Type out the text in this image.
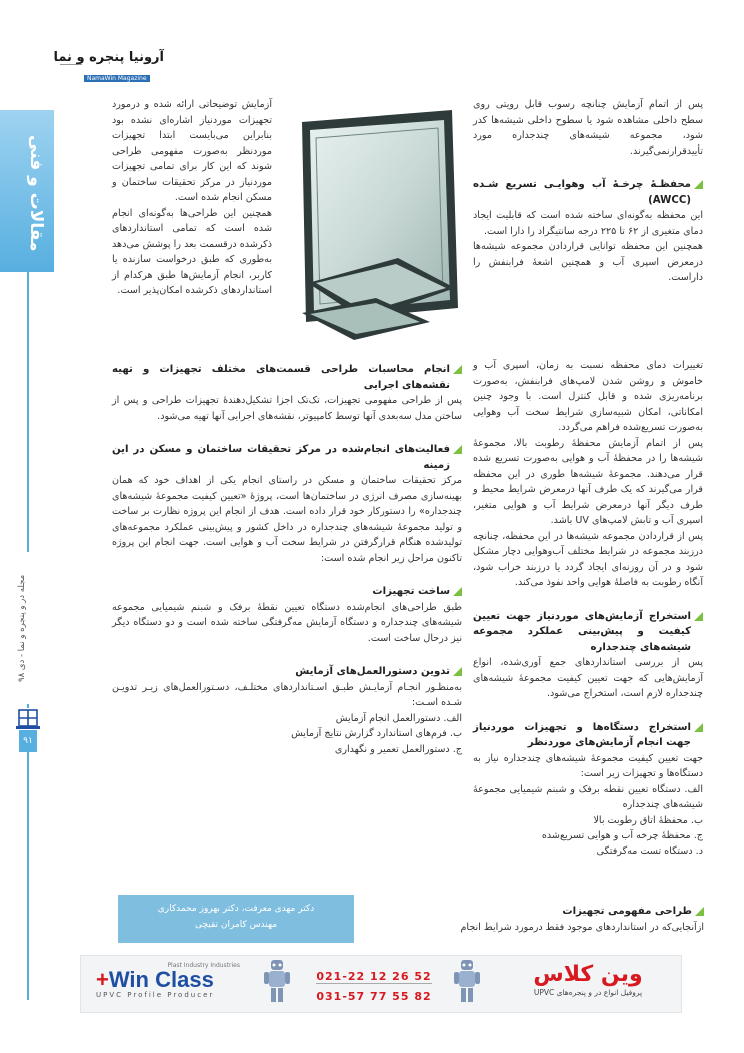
آرونیا پنجره و نما
NamaWin Magazine
مقالات و فنی
مجله در و پنجره و نما - دی ۹۸
۹۱

پس از اتمام آزمایش چنانچه رسوب قابل رویتی روی سطح داخلی مشاهده شود یا سطوح داخلی شیشه‌ها کدر شود، مجموعه شیشه‌های چندجداره مورد تأییدقرارنمی‌گیرند.

محفظـۀ چرخـۀ آب وهوایـی تسریع شـده (AWCC)

این محفظه به‌گونه‌ای ساخته شده است که قابلیت ایجاد دمای متغیری از ۶۲ تا ۲۲۵ درجه سانتیگراد را دارا است.

همچنین این محفظه توانایی قراردادن مجموعه شیشه‌ها درمعرض اسپری آب و همچنین اشعۀ فرابنفش را داراست.

تغییرات دمای محفظه نسبت به زمان، اسپری آب و خاموش و روشن شدن لامپ‌های فرابنفش، به‌صورت برنامه‌ریزی شده و قابل کنترل است. با وجود چنین امکاناتی، امکان شبیه‌سازی شرایط سخت آب وهوایی به‌صورت تسریع‌شده فراهم می‌گردد.

پس از اتمام آزمایش محفظۀ رطوبت بالا، مجموعۀ شیشه‌ها را در محفظۀ آب و هوایی به‌صورت تسریع شده قرار می‌دهند. مجموعۀ شیشه‌ها طوری در این محفظه قرار می‌گیرند که یک طرف آنها درمعرض شرایط محیط و طرف دیگر آنها درمعرض شرایط آب و هوایی متغیر، اسپری آب و تابش لامپ‌های UV باشد.

پس از قراردادن مجموعه شیشه‌ها در این محفظه، چنانچه درزبند مجموعه در شرایط مختلف آب‌وهوایی دچار مشکل شود و در آن روزنه‌ای ایجاد گردد یا درزبند خراب شود، آنگاه رطوبت به فاصلۀ هوایی واحد نفوذ می‌کند.

استخراج آزمایش‌های موردنیاز جهت تعیین کیفیت و پیش‌بینی عملکرد مجموعه شیشه‌های چندجداره

پس از بررسی استانداردهای جمع آوری‌شده، انواع آزمایش‌هایی که جهت تعیین کیفیت مجموعۀ شیشه‌های چندجداره لازم است، استخراج می‌شود.

استخراج دستگاه‌ها و تجهیزات موردنیاز جهت انجام آزمایش‌های موردنظر

جهت تعیین کیفیت مجموعۀ شیشه‌های چندجداره نیاز به دستگاه‌ها و تجهیزات زیر است:

الف. دستگاه تعیین نقطه برفک و شبنم شیمیایی مجموعۀ شیشه‌های چندجداره

ب. محفظۀ اتاق رطوبت بالا

ج. محفظۀ چرخه آب و هوایی تسریع‌شده

د. دستگاه تست مه‌گرفتگی

آزمایش توضیحاتی ارائه شده و درمورد تجهیزات موردنیاز اشاره‌ای نشده بود بنابراین می‌بایست ابتدا تجهیزات موردنظر به‌صورت مفهومی طراحی شوند که این کار برای تمامی تجهیزات موردنیاز در مرکز تحقیقات ساختمان و مسکن انجام شده است.

همچنین این طراحی‌ها به‌گونه‌ای انجام شده است که تمامی استانداردهای ذکرشده درقسمت بعد را پوشش می‌دهد به‌طوری که طبق درخواست سازنده یا کاربر، انجام آزمایش‌ها طبق هرکدام از استانداردهای ذکرشده امکان‌پذیر است.

انجام محاسبات طراحی قسمت‌های مختلف تجهیزات و تهیه نقشه‌های اجرایی

پس از طراحی مفهومی تجهیزات، تک‌تک اجزا تشکیل‌دهندۀ تجهیزات طراحی و پس از ساختن مدل سه‌بعدی آنها توسط کامپیوتر، نقشه‌های اجرایی آنها تهیه می‌شود.

فعالیت‌های انجام‌شده در مرکز تحقیقات ساختمان و مسکن در این زمینه

مرکز تحقیقات ساختمان و مسکن در راستای انجام یکی از اهداف خود که همان بهینه‌سازی مصرف انرژی در ساختمان‌ها است، پروژۀ «تعیین کیفیت مجموعۀ شیشه‌های چندجداره» را دستورکار خود قرار داده است. هدف از انجام این پروژه نظارت بر ساخت و تولید مجموعۀ شیشه‌های چندجداره در داخل کشور و پیش‌بینی عملکرد مجموعه‌های تولیدشده هنگام قرارگرفتن در شرایط سخت آب و هوایی است. جهت انجام این پروژه تاکنون مراحل زیر انجام شده است:

ساخت تجهیزات

طبق طراحی‌های انجام‌شده دستگاه تعیین نقطۀ برفک و شبنم شیمیایی مجموعه شیشه‌های چندجداره و دستگاه آزمایش مه‌گرفتگی ساخته شده است و دو دستگاه دیگر نیز درحال ساخت است.

تدوین دستورالعمل‌های آزمایش

به‌منظـور انجـام آزمایـش طبـق اسـتانداردهای مختلـف، دسـتورالعمل‌های زیـر تدویـن شـده اسـت:

الف. دستورالعمل انجام آزمایش

ب. فرم‌های استاندارد گزارش نتایج آزمایش

ج. دستورالعمل تعمیر و نگهداری

طراحی مفهومی تجهیزات

ازآنجایی‌که در استانداردهای موجود فقط درمورد شرایط انجام

دکتر مهدی معرفت، دکتر بهروز محمدکاری
مهندس کامران تقیچی
Plast Industry Industries
+Win Class
UPVC Profile Producer
021-22 12 26 52
031-57 77 55 82
وین کلاس
پروفیل انواع در و پنجره‌های UPVC
